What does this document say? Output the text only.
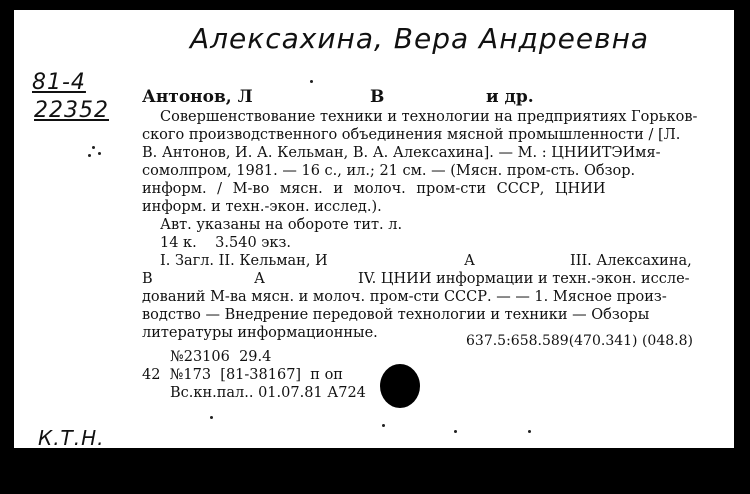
Алексахина, Вера Андреевна
81-4
22352
К.Т.Н.
Антонов, Л	В	и др.
Совершенствование техники и технологии на предприятиях Горьков-
ского производственного объединения мясной промышленности / [Л.
В. Антонов, И. А. Кельман, В. А. Алексахина]. — М. : ЦНИИТЭИмя-
сомолпром, 1981. — 16 с., ил.; 21 см. — (Мясн. пром-сть. Обзор.
информ. / М-во мясн. и молоч. пром-сти СССР, ЦНИИ
информ. и техн.-экон. исслед.).
Авт. указаны на обороте тит. л.
14 к.    3.540 экз.
I. Загл. II. Кельман, И	А	III. Алексахина,
В	А	IV. ЦНИИ информации и техн.-экон. иссле-
дований М-ва мясн. и молоч. пром-сти СССР. — — 1. Мясное произ-
водство — Внедрение передовой технологии и техники — Обзоры
литературы информационные.	637.5:658.589(470.341) (048.8)
№23106  29.4
42  №173  [81-38167]  п оп
Вс.кн.пал.. 01.07.81 А724
